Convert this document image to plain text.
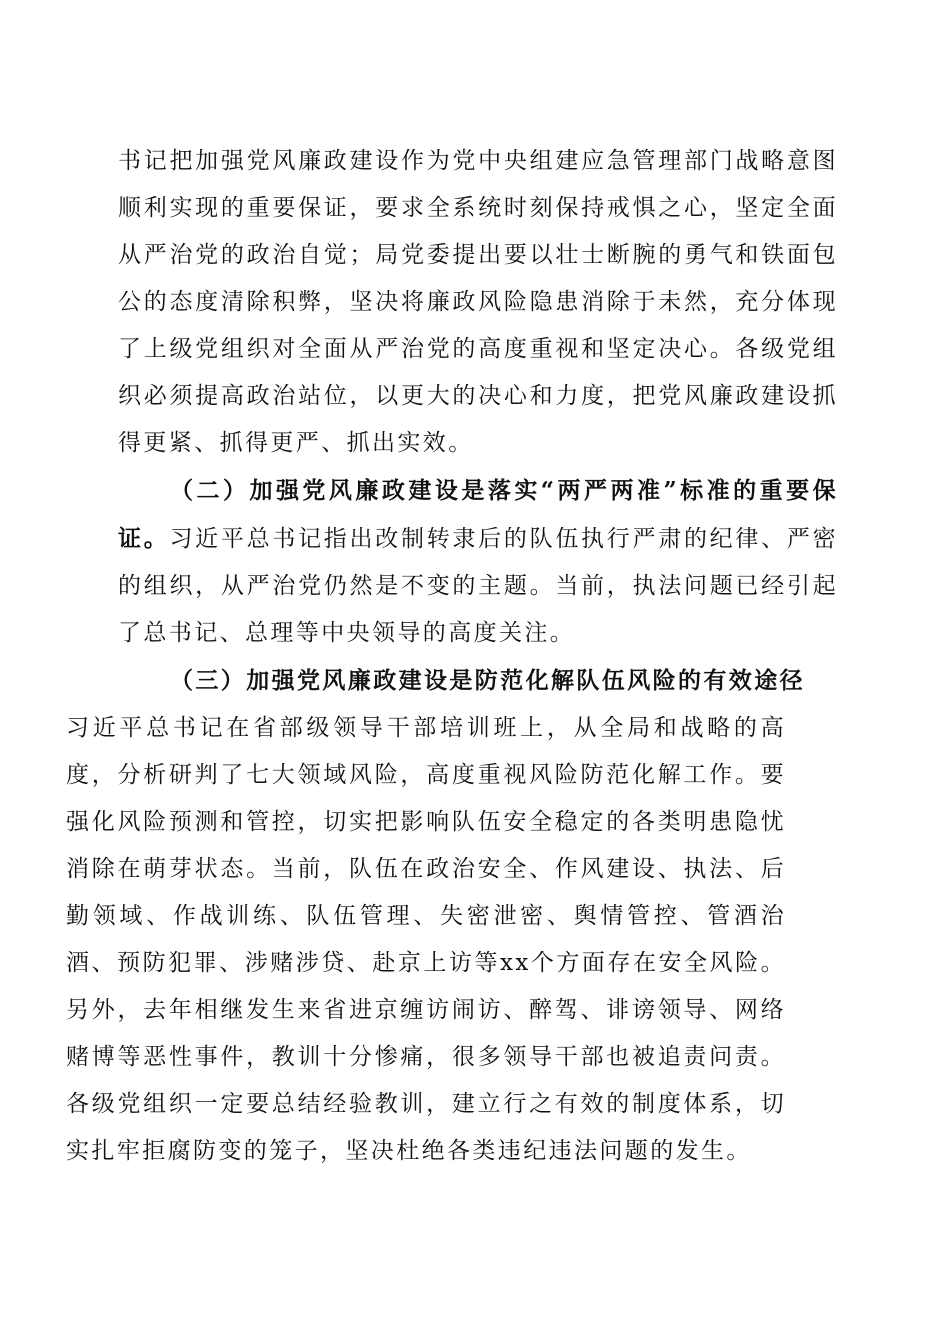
书记把加强党风廉政建设作为党中央组建应急管理部门战略意图顺利实现的重要保证，要求全系统时刻保持戒惧之心，坚定全面从严治党的政治自觉；局党委提出要以壮士断腕的勇气和铁面包公的态度清除积弊，坚决将廉政风险隐患消除于未然，充分体现了上级党组织对全面从严治党的高度重视和坚定决心。各级党组织必须提高政治站位，以更大的决心和力度，把党风廉政建设抓得更紧、抓得更严、抓出实效。

（二）加强党风廉政建设是落实“两严两准”标准的重要保证。习近平总书记指出改制转隶后的队伍执行严肃的纪律、严密的组织，从严治党仍然是不变的主题。当前，执法问题已经引起了总书记、总理等中央领导的高度关注。

（三）加强党风廉政建设是防范化解队伍风险的有效途径
习近平总书记在省部级领导干部培训班上，从全局和战略的高度，分析研判了七大领域风险，高度重视风险防范化解工作。要强化风险预测和管控，切实把影响队伍安全稳定的各类明患隐忧消除在萌芽状态。当前，队伍在政治安全、作风建设、执法、后勤领域、作战训练、队伍管理、失密泄密、舆情管控、管酒治酒、预防犯罪、涉赌涉贷、赴京上访等xx个方面存在安全风险。另外，去年相继发生来省进京缠访闹访、醉驾、诽谤领导、网络赌博等恶性事件，教训十分惨痛，很多领导干部也被追责问责。各级党组织一定要总结经验教训，建立行之有效的制度体系，切实扎牢拒腐防变的笼子，坚决杜绝各类违纪违法问题的发生。
